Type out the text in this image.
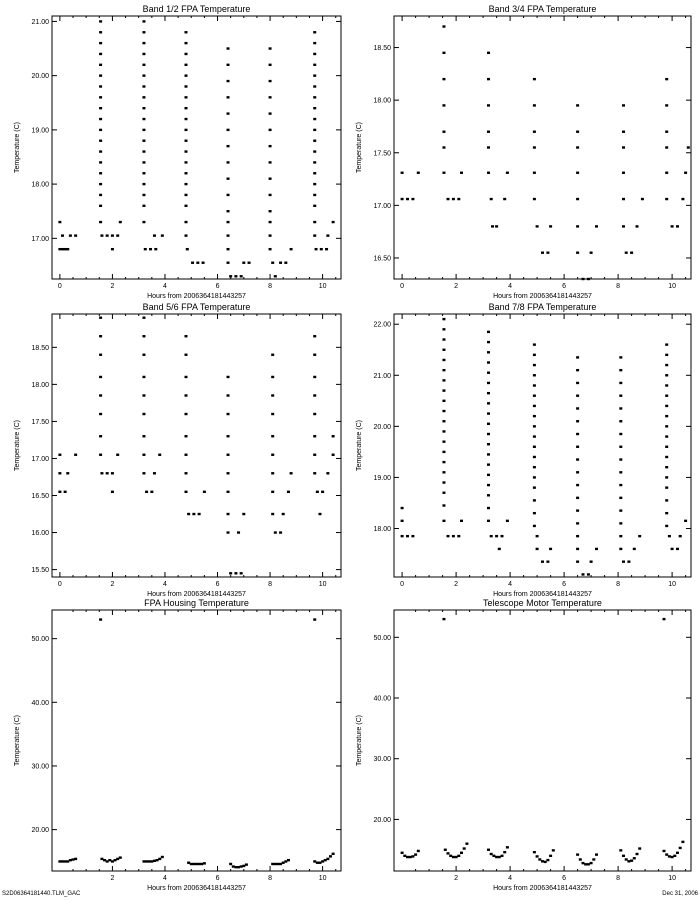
Band 1/2 FPA Temperature
0	2	4	6	8	10
17.00
18.00
19.00
20.00
21.00
Hours from 2006364181443257
Temperature (C)
Band 3/4 FPA Temperature
0	2	4	6	8	10
16.50
17.00
17.50
18.00
18.50
Hours from 2006364181443257
Temperature (C)
Band 5/6 FPA Temperature
0	2	4	6	8	10
15.50
16.00
16.50
17.00
17.50
18.00
18.50
Hours from 2006364181443257
Temperature (C)
Band 7/8 FPA Temperature
0	2	4	6	8	10
18.00
19.00
20.00
21.00
22.00
Hours from 2006364181443257
Temperature (C)
FPA Housing Temperature
2	4	6	8	10
20.00
30.00
40.00
50.00
Hours from 2006364181443257
Temperature (C)
Telescope Motor Temperature
2	4	6	8	10
20.00
30.00
40.00
50.00
Hours from 2006364181443257
Temperature (C)
S2D06364181440.TLM_GAC	Dec 31, 2006
